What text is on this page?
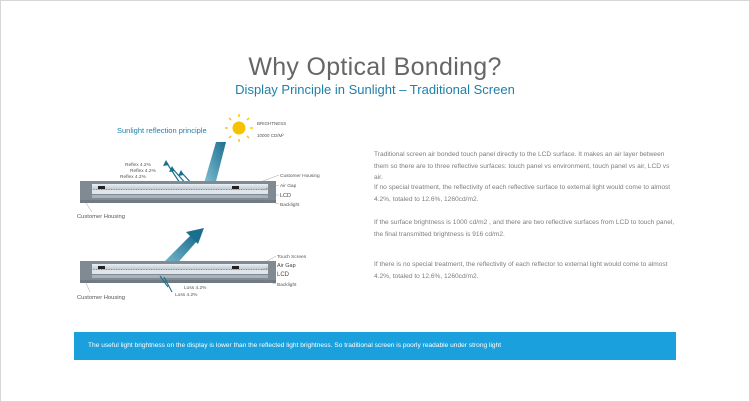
Why Optical Bonding?
Display Principle in Sunlight – Traditional Screen
Sunlight reflection principle
BRIGHTNESS
10000 CD/M²
Reflex 4.2%
Reflex 4.2%
Reflex 4.2%	Customer Housing
Air Gap
LCD
Backlight
Customer Housing
Loss 4.2%
Loss 4.2%
Touch Screen
Air Gap
LCD
Backlight
Customer Housing
Traditional screen air bonded touch panel directly to the LCD surface. It makes an air layer between them so there are to three reflective surfaces: touch panel vs environment, touch panel vs air, LCD vs air.
If no special treatment, the reflectivity of each reflective surface to external light would come to almost 4.2%, totaled to 12.6%, 1260cd/m2.
If the surface brightness is 1000 cd/m2 , and there are two reflective surfaces from LCD to touch panel, the final transmitted brightness is 916 cd/m2.
If there is no special treatment, the reflectivity of each reflector to external light would come to almost 4.2%, totaled to 12.6%, 1260cd/m2.
The useful light brightness on the display is lower than the reflected light brightness. So traditional screen is poorly readable under strong light
